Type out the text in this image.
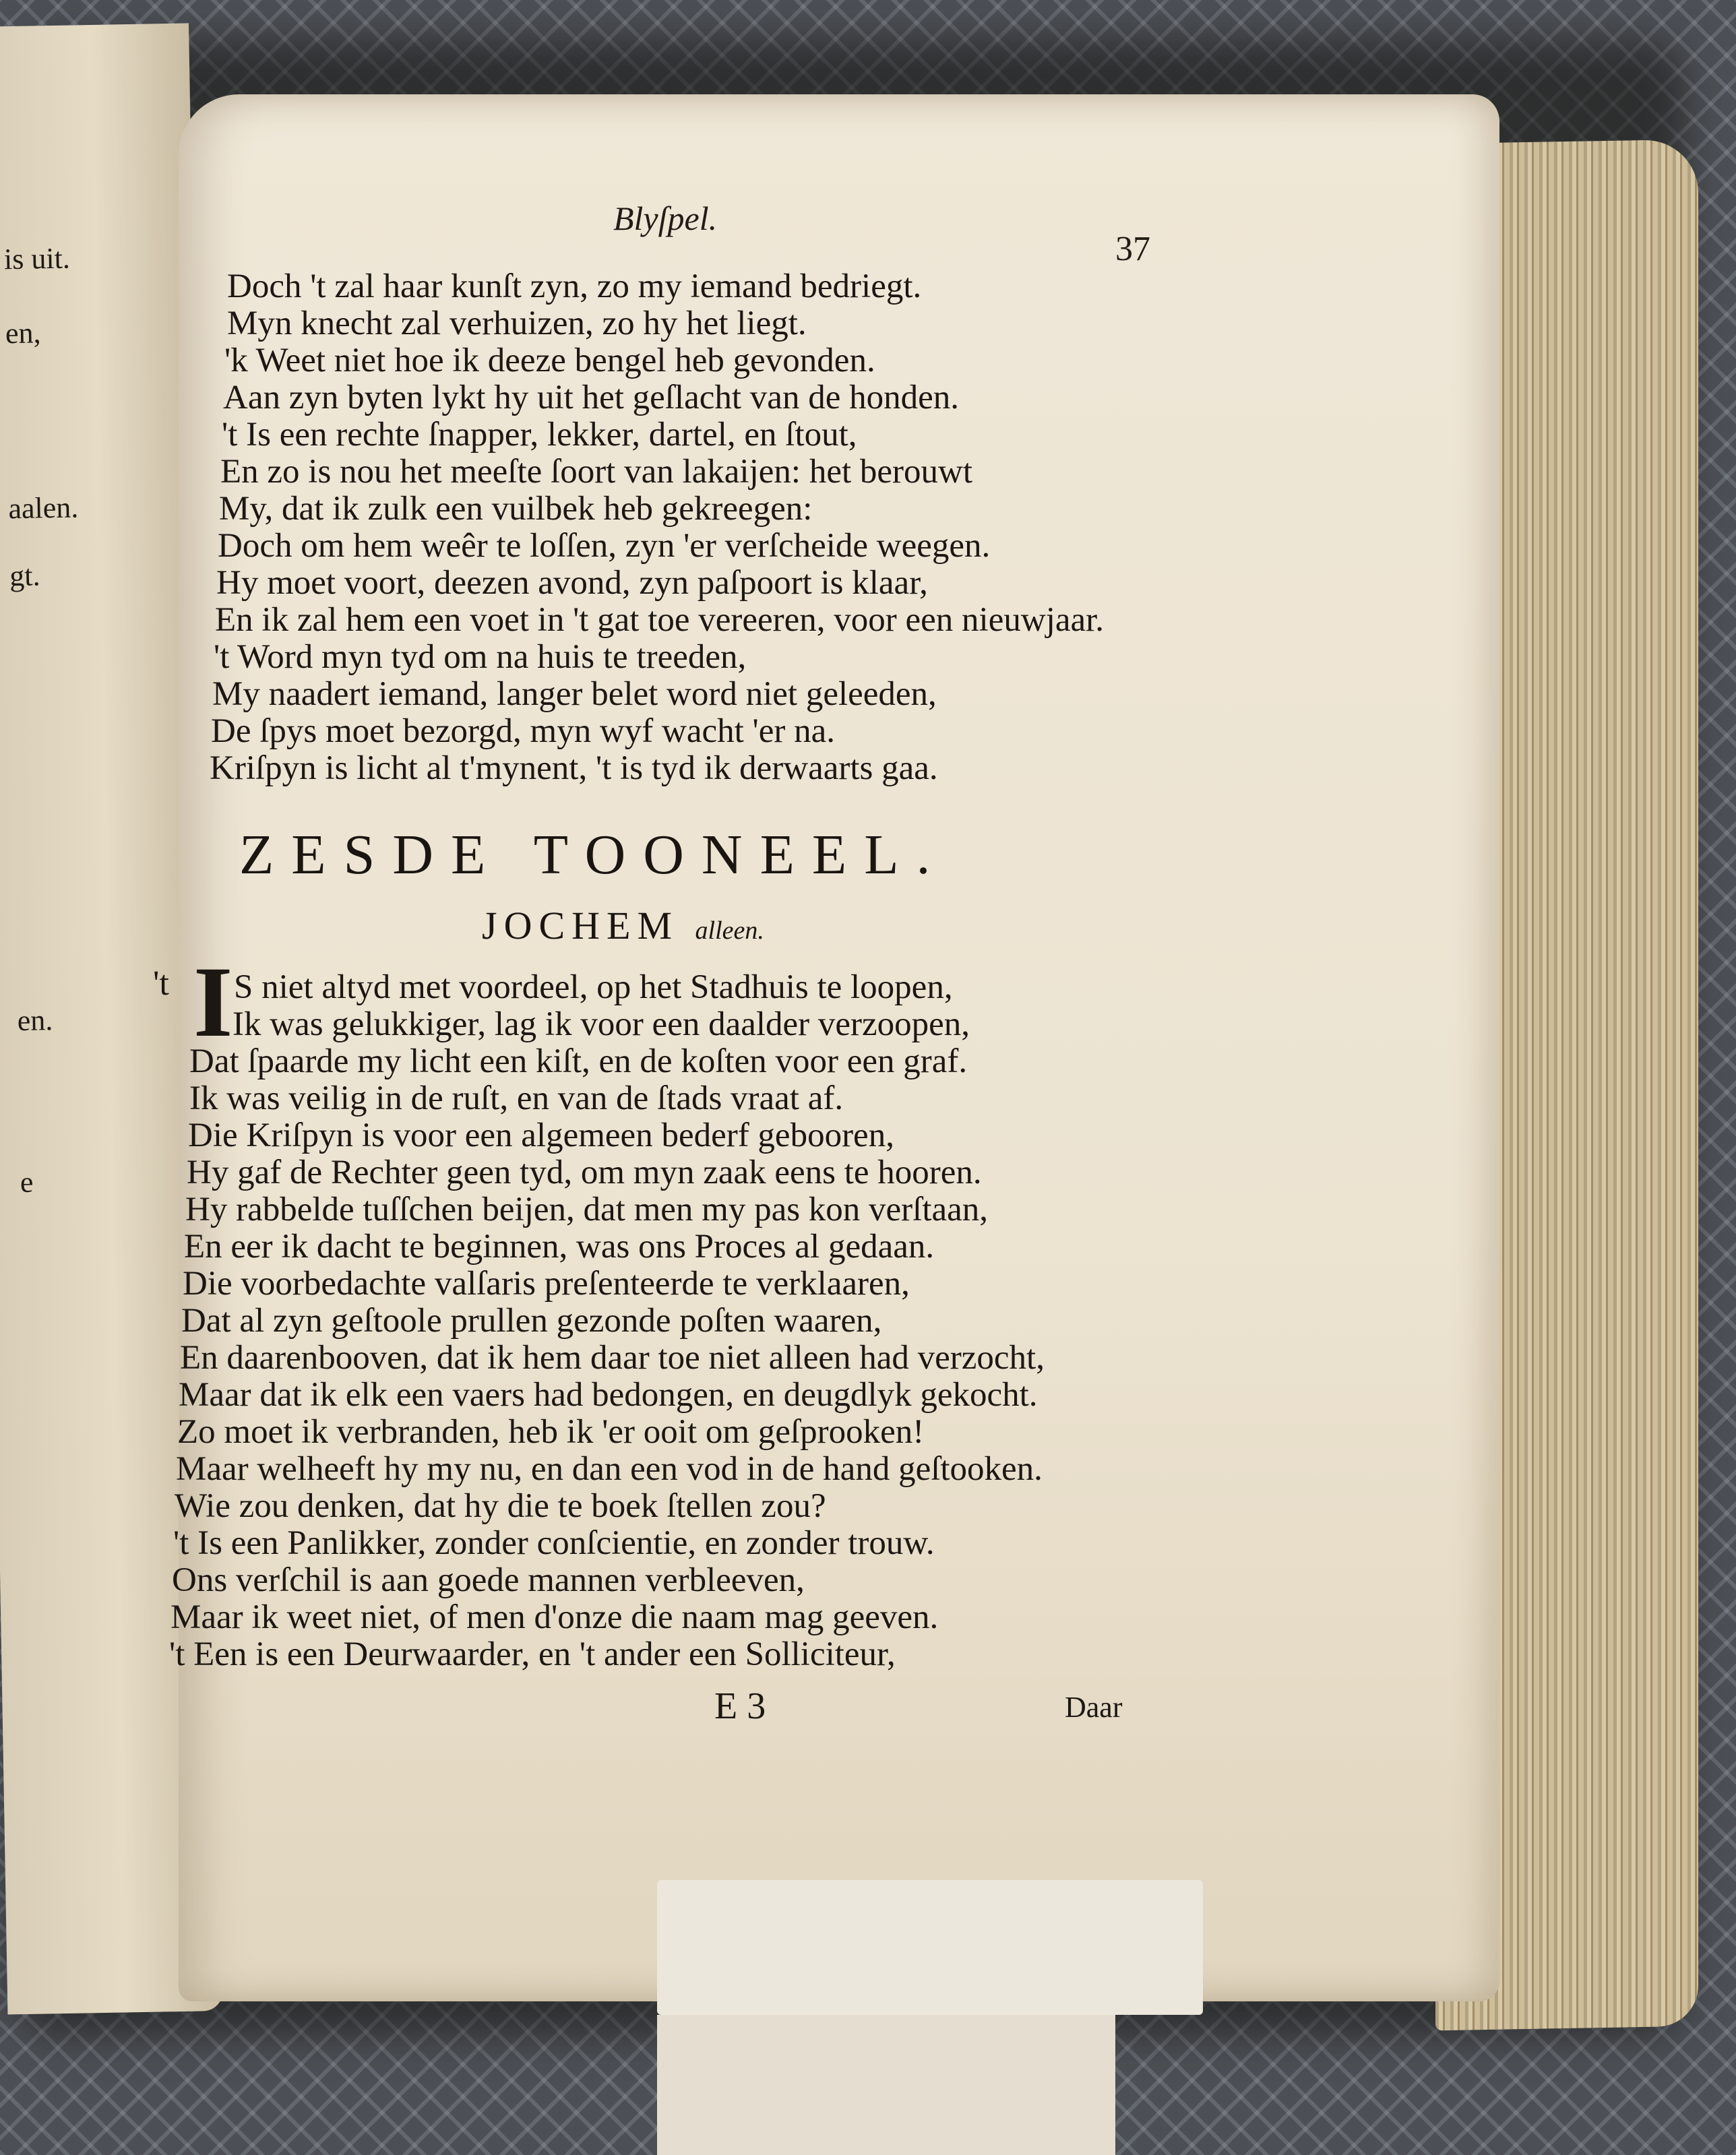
is uit.
en,
aalen.
gt.
en.
e
Blyſpel.
37
Doch 't zal haar kunſt zyn, zo my iemand bedriegt.
Myn knecht zal verhuizen, zo hy het liegt.
'k Weet niet hoe ik deeze bengel heb gevonden.
Aan zyn byten lykt hy uit het geſlacht van de honden.
't Is een rechte ſnapper, lekker, dartel, en ſtout,
En zo is nou het meeſte ſoort van lakaijen: het berouwt
My, dat ik zulk een vuilbek heb gekreegen:
Doch om hem weêr te loſſen, zyn 'er verſcheide weegen.
Hy moet voort, deezen avond, zyn paſpoort is klaar,
En ik zal hem een voet in 't gat toe vereeren, voor een nieuwjaar.
't Word myn tyd om na huis te treeden,
My naadert iemand, langer belet word niet geleeden,
De ſpys moet bezorgd, myn wyf wacht 'er na.
Kriſpyn is licht al t'mynent, 't is tyd ik derwaarts gaa.
ZESDE TOONEEL.
JOCHEM alleen.
't I S niet altyd met voordeel, op het Stadhuis te loopen,
Ik was gelukkiger, lag ik voor een daalder verzoopen,
Dat ſpaarde my licht een kiſt, en de koſten voor een graf.
Ik was veilig in de ruſt, en van de ſtads vraat af.
Die Kriſpyn is voor een algemeen bederf gebooren,
Hy gaf de Rechter geen tyd, om myn zaak eens te hooren.
Hy rabbelde tuſſchen beijen, dat men my pas kon verſtaan,
En eer ik dacht te beginnen, was ons Proces al gedaan.
Die voorbedachte valſaris preſenteerde te verklaaren,
Dat al zyn geſtoole prullen gezonde poſten waaren,
En daarenbooven, dat ik hem daar toe niet alleen had verzocht,
Maar dat ik elk een vaers had bedongen, en deugdlyk gekocht.
Zo moet ik verbranden, heb ik 'er ooit om geſprooken!
Maar welheeft hy my nu, en dan een vod in de hand geſtooken.
Wie zou denken, dat hy die te boek ſtellen zou?
't Is een Panlikker, zonder conſcientie, en zonder trouw.
Ons verſchil is aan goede mannen verbleeven,
Maar ik weet niet, of men d'onze die naam mag geeven.
't Een is een Deurwaarder, en 't ander een Sollicitеur,
E 3	Daar
